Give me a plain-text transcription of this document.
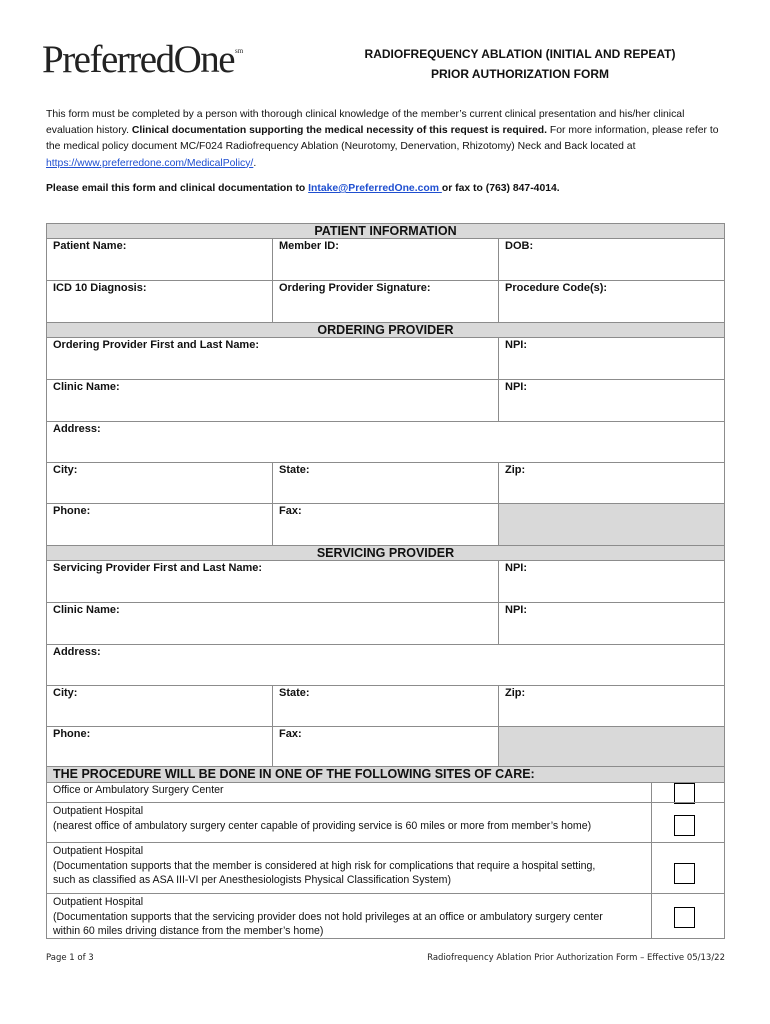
PreferredOne$^{sm}$	RADIOFREQUENCY ABLATION (INITIAL AND REPEAT)
PRIOR AUTHORIZATION FORM
This form must be completed by a person with thorough clinical knowledge of the member’s current clinical presentation and his/her clinical evaluation history. Clinical documentation supporting the medical necessity of this request is required. For more information, please refer to the medical policy document MC/F024 Radiofrequency Ablation (Neurotomy, Denervation, Rhizotomy) Neck and Back located at https://www.preferredone.com/MedicalPolicy/.
Please email this form and clinical documentation to Intake@PreferredOne.com or fax to (763) 847-4014.
PATIENT INFORMATION
Patient Name:	Member ID:	DOB:
ICD 10 Diagnosis:	Ordering Provider Signature:	Procedure Code(s):
ORDERING PROVIDER
Ordering Provider First and Last Name:	NPI:
Clinic Name:	NPI:
Address:
City:	State:	Zip:
Phone:	Fax:
SERVICING PROVIDER
Servicing Provider First and Last Name:	NPI:
Clinic Name:	NPI:
Address:
City:	State:	Zip:
Phone:	Fax:
THE PROCEDURE WILL BE DONE IN ONE OF THE FOLLOWING SITES OF CARE:
Office or Ambulatory Surgery Center
Outpatient Hospital
(nearest office of ambulatory surgery center capable of providing service is 60 miles or more from member’s home)
Outpatient Hospital
(Documentation supports that the member is considered at high risk for complications that require a hospital setting,
such as classified as ASA III-VI per Anesthesiologists Physical Classification System)
Outpatient Hospital
(Documentation supports that the servicing provider does not hold privileges at an office or ambulatory surgery center
within 60 miles driving distance from the member’s home)
Page 1 of 3	Radiofrequency Ablation Prior Authorization Form – Effective 05/13/22
